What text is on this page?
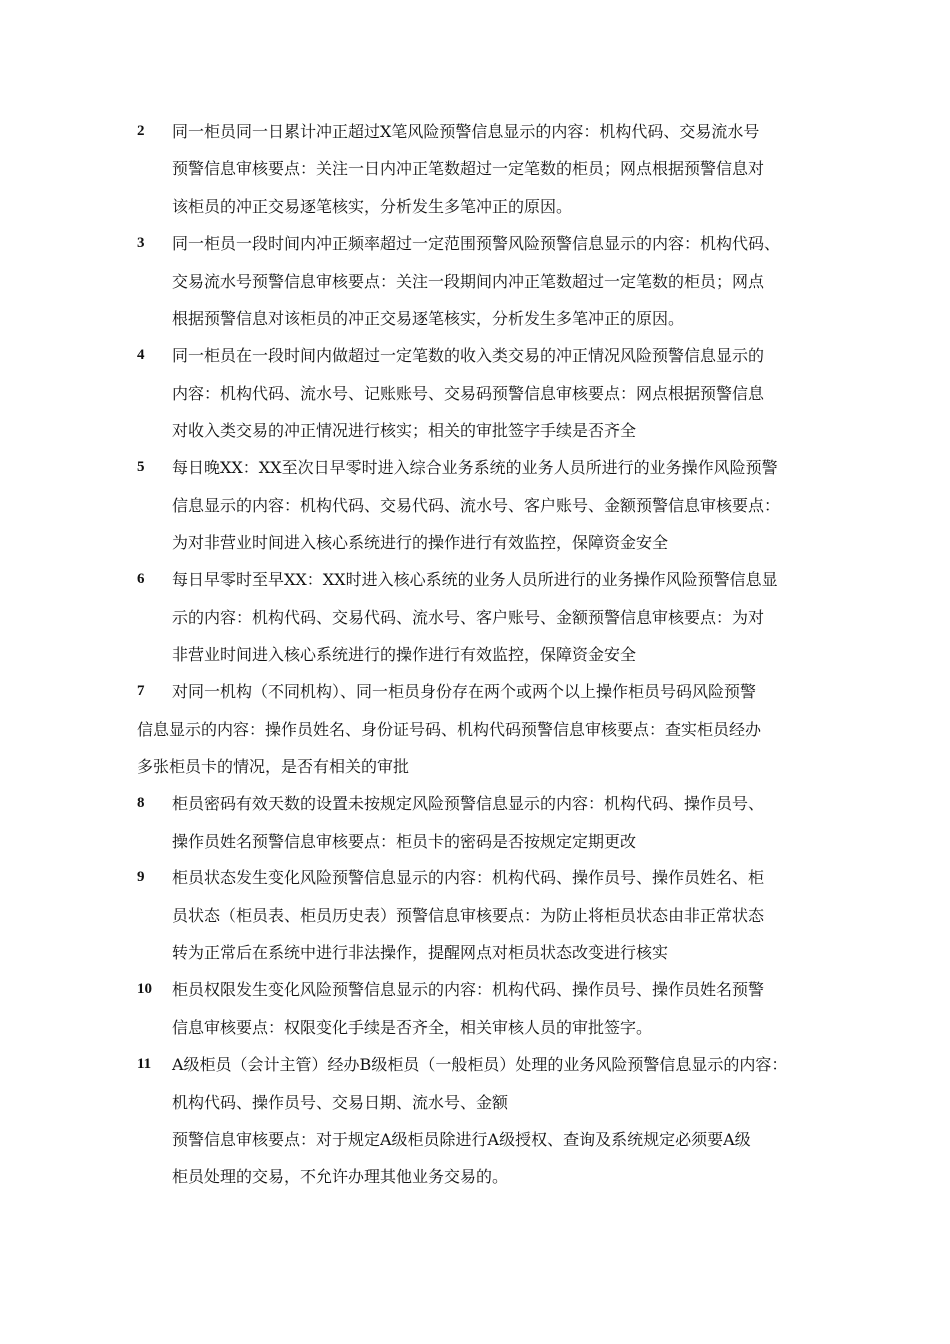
2 同一柜员同一日累计冲正超过X笔风险预警信息显示的内容：机构代码、交易流水号
预警信息审核要点：关注一日内冲正笔数超过一定笔数的柜员；网点根据预警信息对
该柜员的冲正交易逐笔核实，分析发生多笔冲正的原因。
3 同一柜员一段时间内冲正频率超过一定范围预警风险预警信息显示的内容：机构代码、
交易流水号预警信息审核要点：关注一段期间内冲正笔数超过一定笔数的柜员；网点
根据预警信息对该柜员的冲正交易逐笔核实，分析发生多笔冲正的原因。
4 同一柜员在一段时间内做超过一定笔数的收入类交易的冲正情况风险预警信息显示的
内容：机构代码、流水号、记账账号、交易码预警信息审核要点：网点根据预警信息
对收入类交易的冲正情况进行核实；相关的审批签字手续是否齐全
5 每日晚XX：XX至次日早零时进入综合业务系统的业务人员所进行的业务操作风险预警
信息显示的内容：机构代码、交易代码、流水号、客户账号、金额预警信息审核要点：
为对非营业时间进入核心系统进行的操作进行有效监控，保障资金安全
6 每日早零时至早XX：XX时进入核心系统的业务人员所进行的业务操作风险预警信息显
示的内容：机构代码、交易代码、流水号、客户账号、金额预警信息审核要点：为对
非营业时间进入核心系统进行的操作进行有效监控，保障资金安全
7 对同一机构（不同机构）、同一柜员身份存在两个或两个以上操作柜员号码风险预警
信息显示的内容：操作员姓名、身份证号码、机构代码预警信息审核要点：查实柜员经办
多张柜员卡的情况，是否有相关的审批
8 柜员密码有效天数的设置未按规定风险预警信息显示的内容：机构代码、操作员号、
操作员姓名预警信息审核要点：柜员卡的密码是否按规定定期更改
9 柜员状态发生变化风险预警信息显示的内容：机构代码、操作员号、操作员姓名、柜
员状态（柜员表、柜员历史表）预警信息审核要点：为防止将柜员状态由非正常状态
转为正常后在系统中进行非法操作，提醒网点对柜员状态改变进行核实
10 柜员权限发生变化风险预警信息显示的内容：机构代码、操作员号、操作员姓名预警
信息审核要点：权限变化手续是否齐全，相关审核人员的审批签字。
11 A级柜员（会计主管）经办B级柜员（一般柜员）处理的业务风险预警信息显示的内容：
机构代码、操作员号、交易日期、流水号、金额
预警信息审核要点：对于规定A级柜员除进行A级授权、查询及系统规定必须要A级
柜员处理的交易，不允许办理其他业务交易的。
